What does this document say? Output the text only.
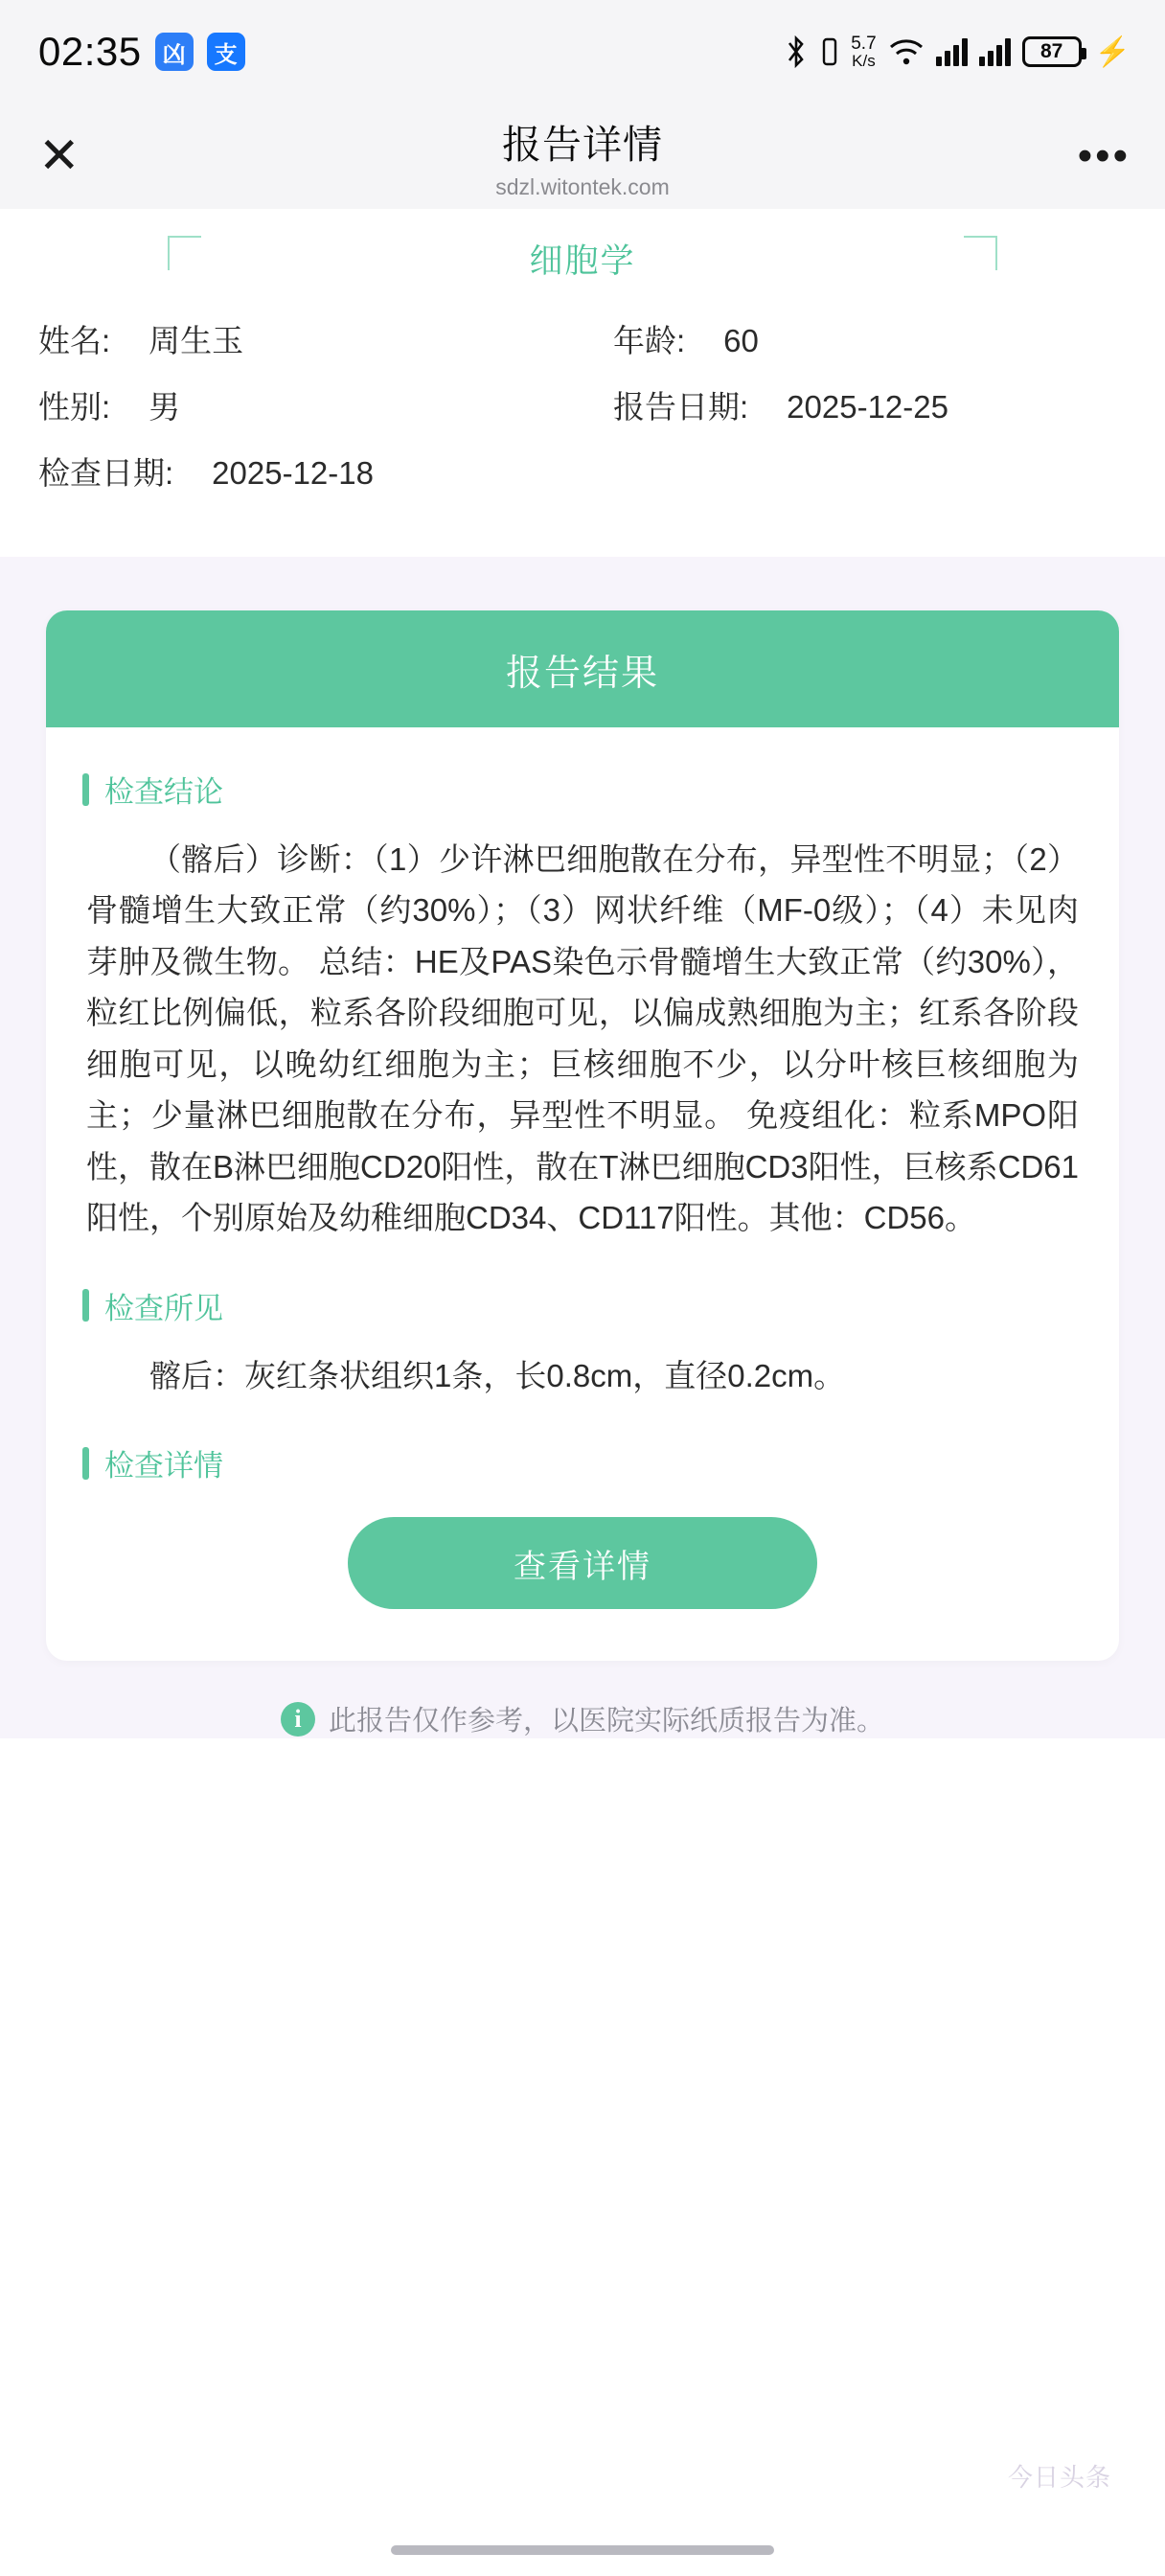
02:35 凶	支	5.7
K/s	87	⚡
✕	报告详情
sdzl.witontek.com
•••
细胞学
姓名: 周生玉	年龄: 60
性别: 男	报告日期: 2025-12-25
检查日期: 2025-12-18
报告结果
检查结论
（髂后）诊断：（1）少许淋巴细胞散在分布，异型性不明显；（2）骨髓增生大致正常（约30%）；（3）网状纤维（MF-0级）；（4）未见肉芽肿及微生物。 总结：HE及PAS染色示骨髓增生大致正常（约30%），粒红比例偏低，粒系各阶段细胞可见，以偏成熟细胞为主；红系各阶段细胞可见，以晚幼红细胞为主；巨核细胞不少，以分叶核巨核细胞为主；少量淋巴细胞散在分布，异型性不明显。 免疫组化：粒系MPO阳性，散在B淋巴细胞CD20阳性，散在T淋巴细胞CD3阳性，巨核系CD61阳性，个别原始及幼稚细胞CD34、CD117阳性。其他：CD56。
检查所见
髂后：灰红条状组织1条，长0.8cm，直径0.2cm。
检查详情
查看详情
i 此报告仅作参考，以医院实际纸质报告为准。
今日头条
